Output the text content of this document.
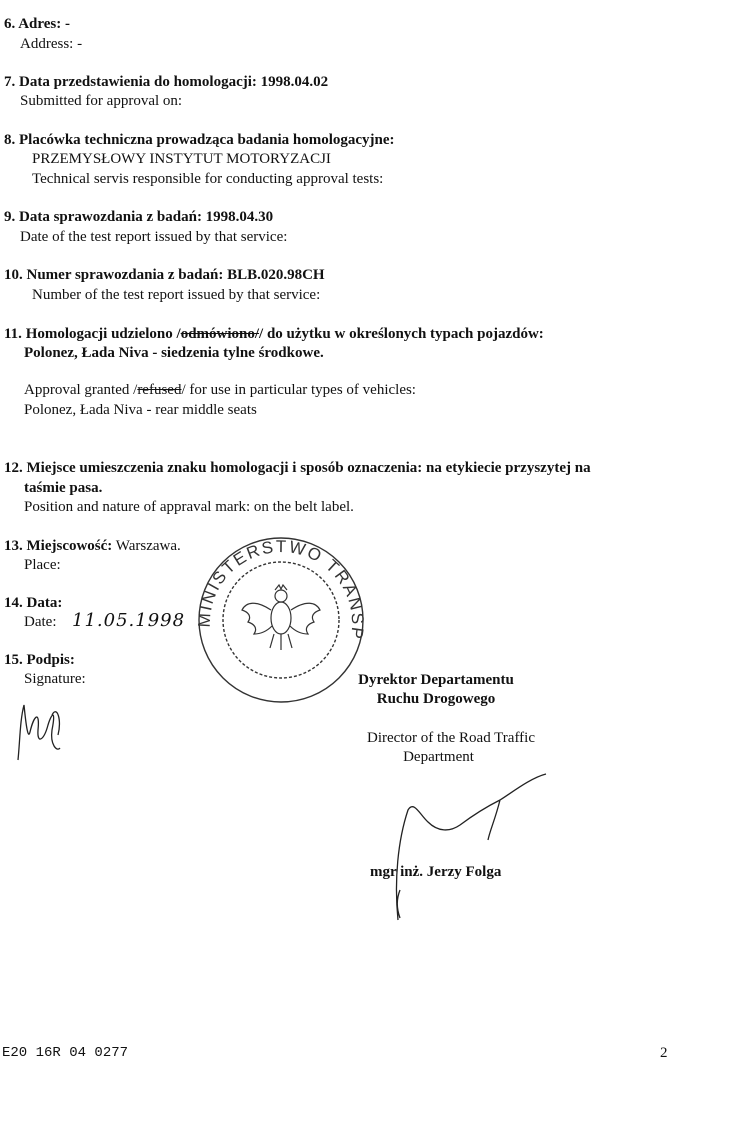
6. Adres: -
Address: -
7. Data przedstawienia do homologacji: 1998.04.02
Submitted for approval on:
8. Placówka techniczna prowadząca badania homologacyjne:
PRZEMYSŁOWY INSTYTUT MOTORYZACJI
Technical servis responsible for conducting approval tests:
9. Data sprawozdania z badań: 1998.04.30
Date of the test report issued by that service:
10. Numer sprawozdania z badań: BLB.020.98CH
Number of the test report issued by that service:
11. Homologacji udzielono /odmówiono// do użytku w określonych typach pojazdów:
Polonez, Łada Niva - siedzenia tylne środkowe.
Approval granted /refused/ for use in particular types of vehicles:
Polonez, Łada Niva - rear middle seats
12. Miejsce umieszczenia znaku homologacji i sposób oznaczenia: na etykiecie przyszytej na
taśmie pasa.
Position and nature of appraval mark: on the belt label.
13. Miejscowość: Warszawa.
Place:
14. Data:
Date: 11.05.1998
15. Podpis:
Signature:
MINISTERSTWO TRANSPORTU
Dyrektor Departamentu
Ruchu Drogowego
Director of the Road Traffic
Department
mgr inż. Jerzy Folga
E20 16R 04 0277	2
